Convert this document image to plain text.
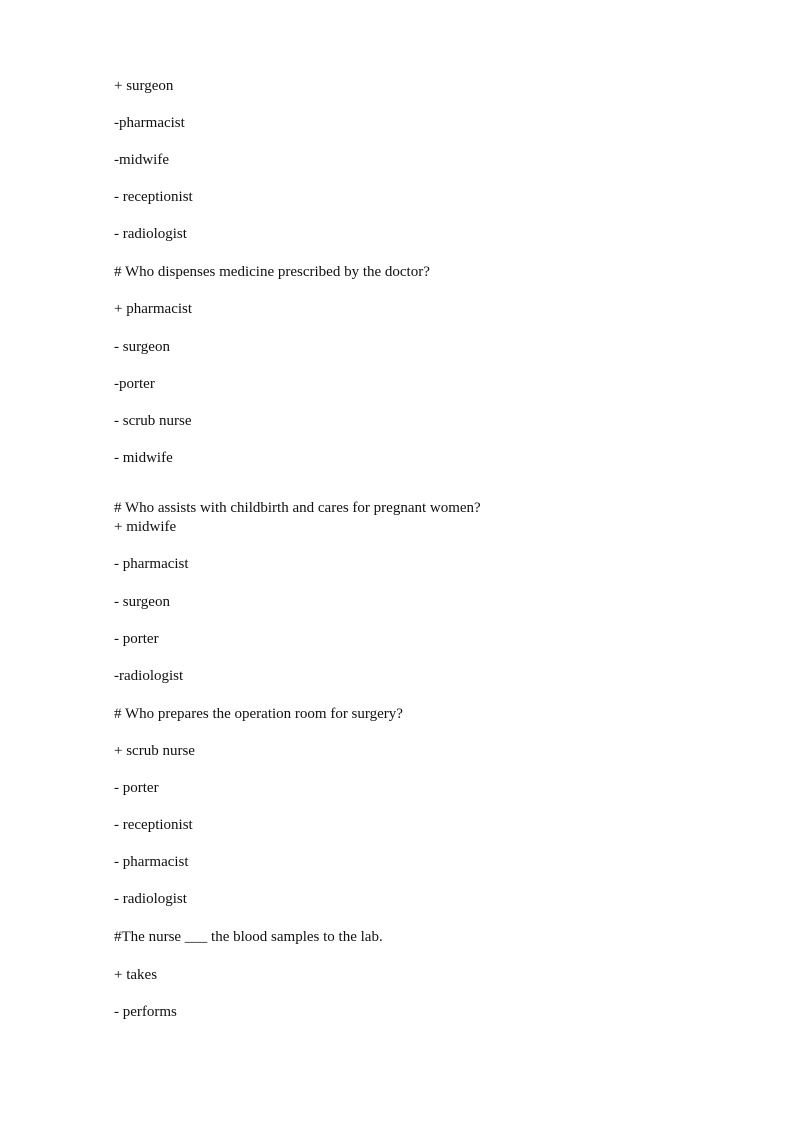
+ surgeon
-pharmacist
-midwife
- receptionist
- radiologist
# Who dispenses medicine prescribed by the doctor?
+ pharmacist
- surgeon
-porter
- scrub nurse
- midwife
# Who assists with childbirth and cares for pregnant women?
+ midwife
- pharmacist
- surgeon
- porter
-radiologist
# Who prepares the operation room for surgery?
+ scrub nurse
- porter
- receptionist
- pharmacist
- radiologist
#The nurse ___ the blood samples to the lab.
+ takes
- performs
